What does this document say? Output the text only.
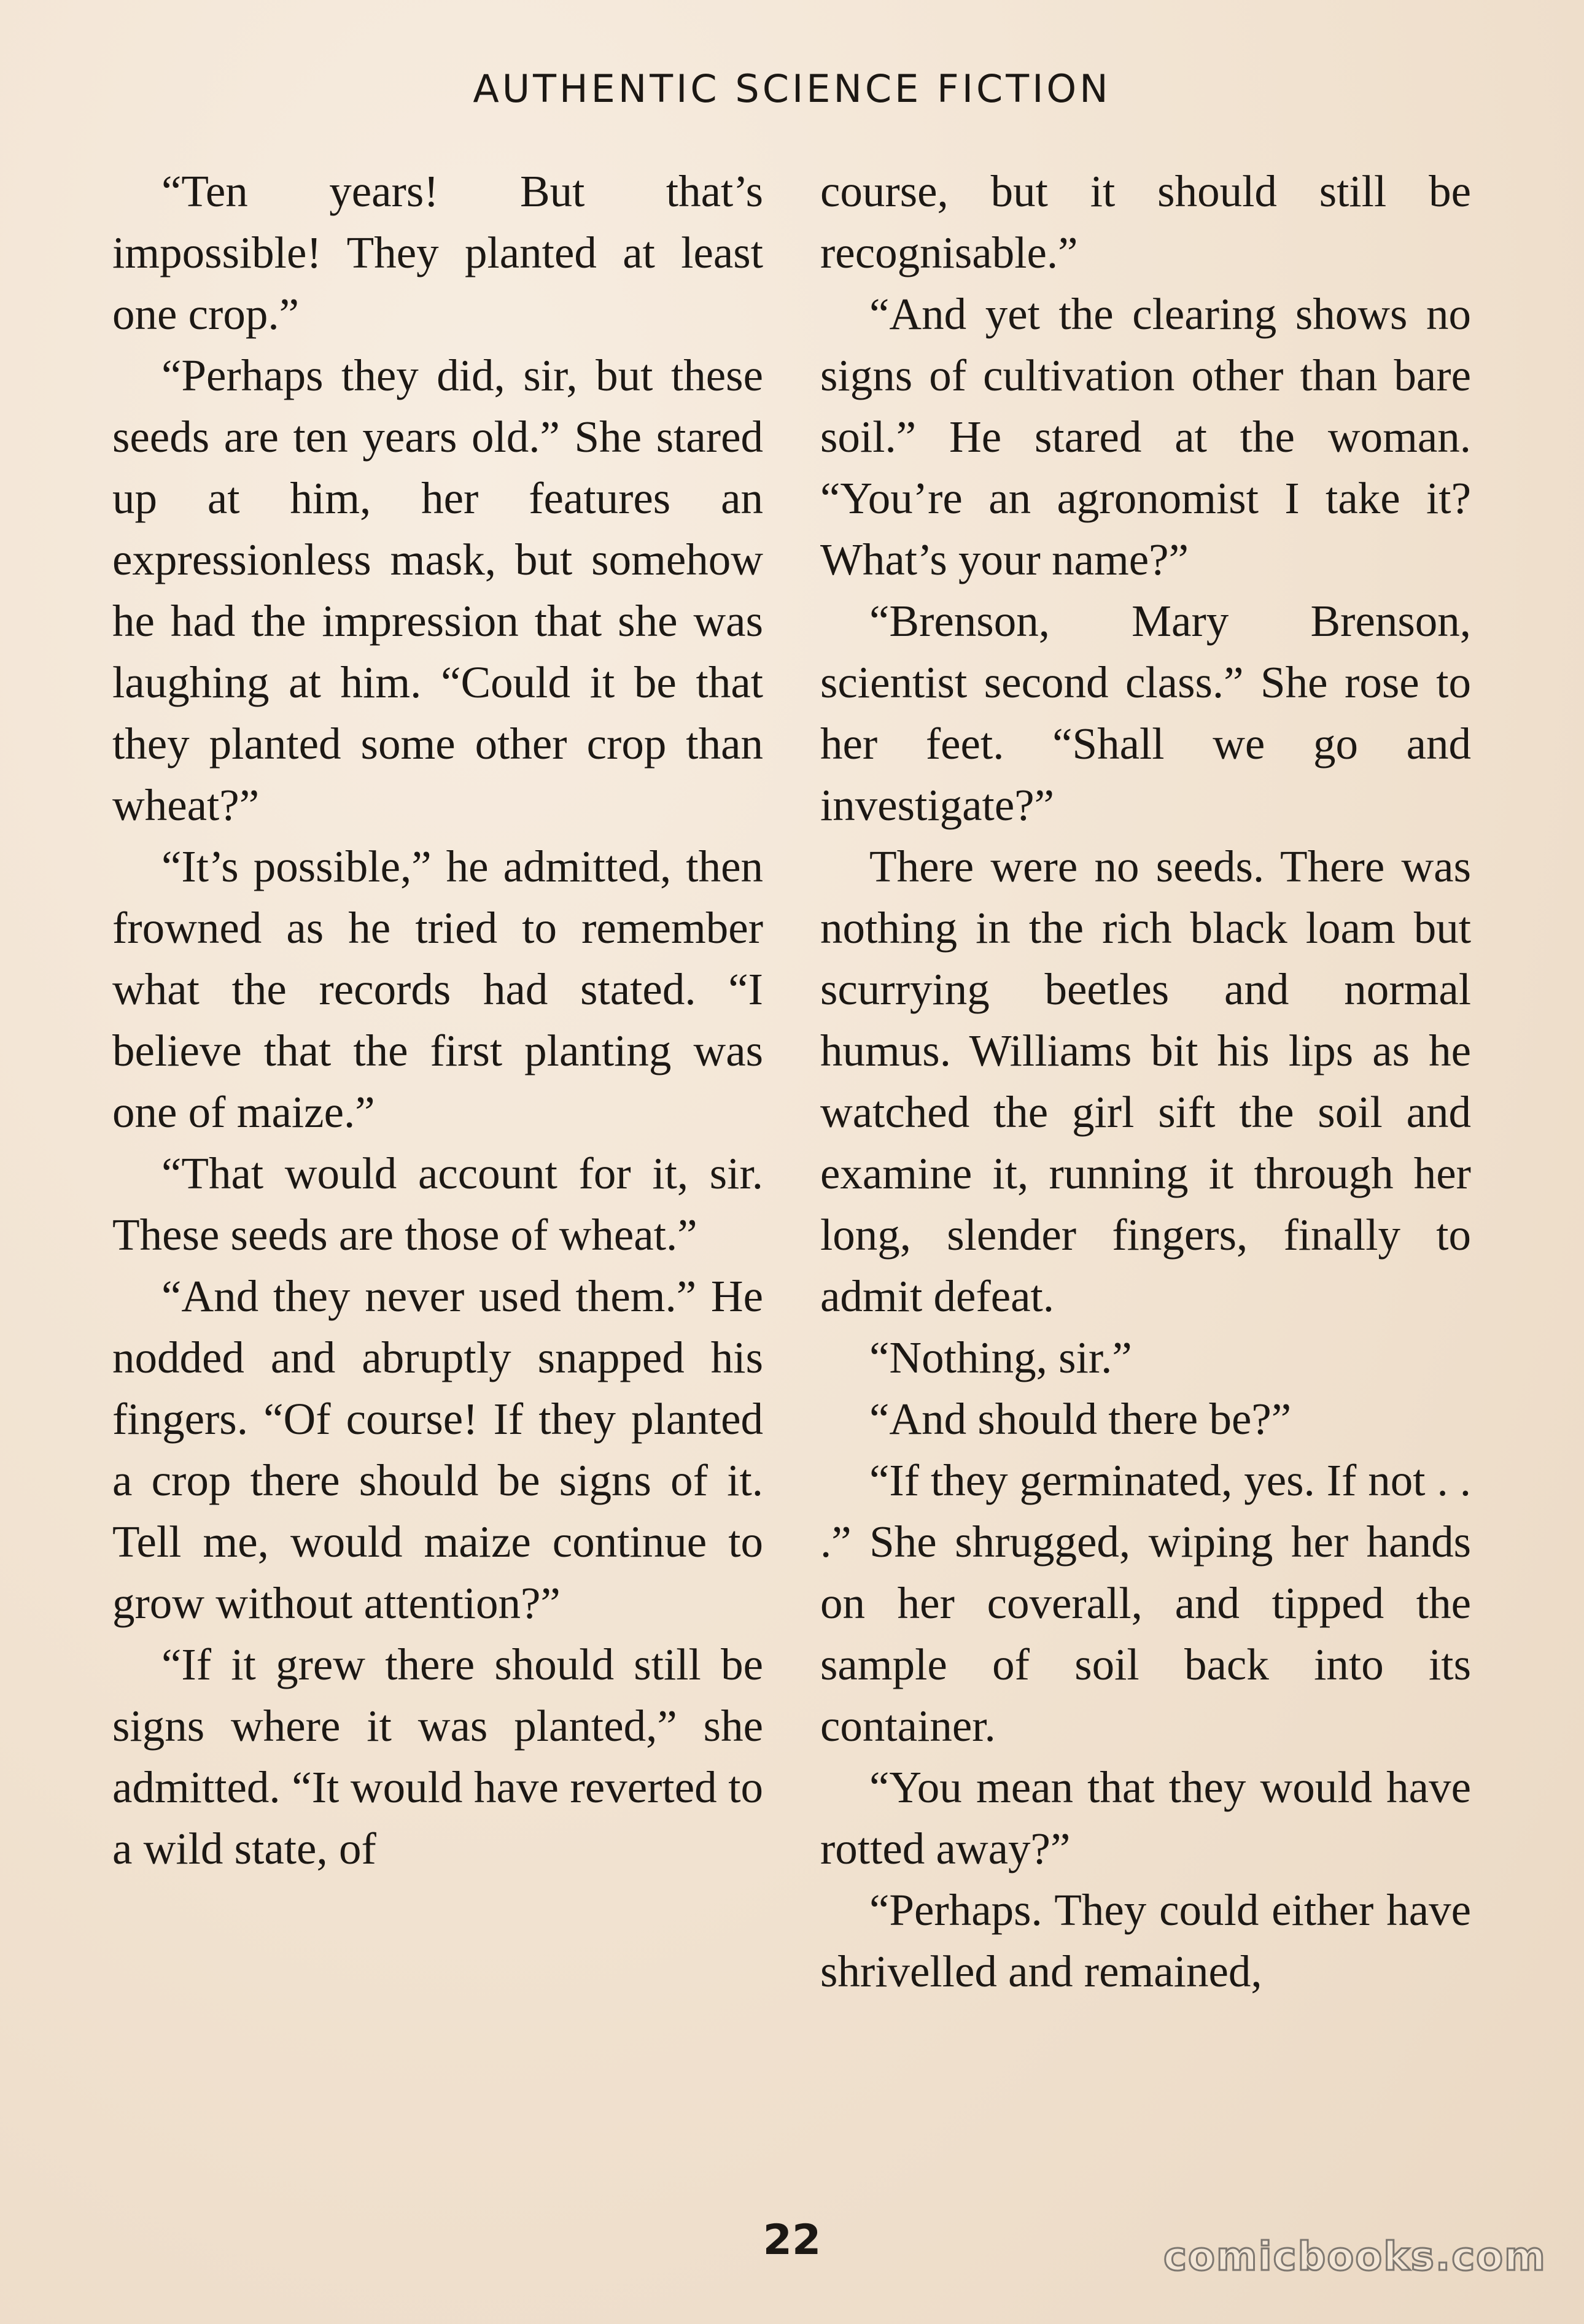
AUTHENTIC SCIENCE FICTION

“Ten years! But that’s impossible! They planted at least one crop.”

“Perhaps they did, sir, but these seeds are ten years old.” She stared up at him, her features an expressionless mask, but somehow he had the impression that she was laughing at him. “Could it be that they planted some other crop than wheat?”

“It’s possible,” he admitted, then frowned as he tried to remember what the records had stated. “I believe that the first planting was one of maize.”

“That would account for it, sir. These seeds are those of wheat.”

“And they never used them.” He nodded and abruptly snapped his fingers. “Of course! If they planted a crop there should be signs of it. Tell me, would maize continue to grow without attention?”

“If it grew there should still be signs where it was planted,” she admitted. “It would have reverted to a wild state, of

course, but it should still be recognisable.”

“And yet the clearing shows no signs of cultivation other than bare soil.” He stared at the woman. “You’re an agronomist I take it? What’s your name?”

“Brenson, Mary Brenson, scientist second class.” She rose to her feet. “Shall we go and investigate?”

There were no seeds. There was nothing in the rich black loam but scurrying beetles and normal humus. Williams bit his lips as he watched the girl sift the soil and examine it, running it through her long, slender fingers, finally to admit defeat.

“Nothing, sir.”

“And should there be?”

“If they germinated, yes. If not . . .” She shrugged, wiping her hands on her coverall, and tipped the sample of soil back into its container.

“You mean that they would have rotted away?”

“Perhaps. They could either have shrivelled and remained,

22	comicbooks.com
